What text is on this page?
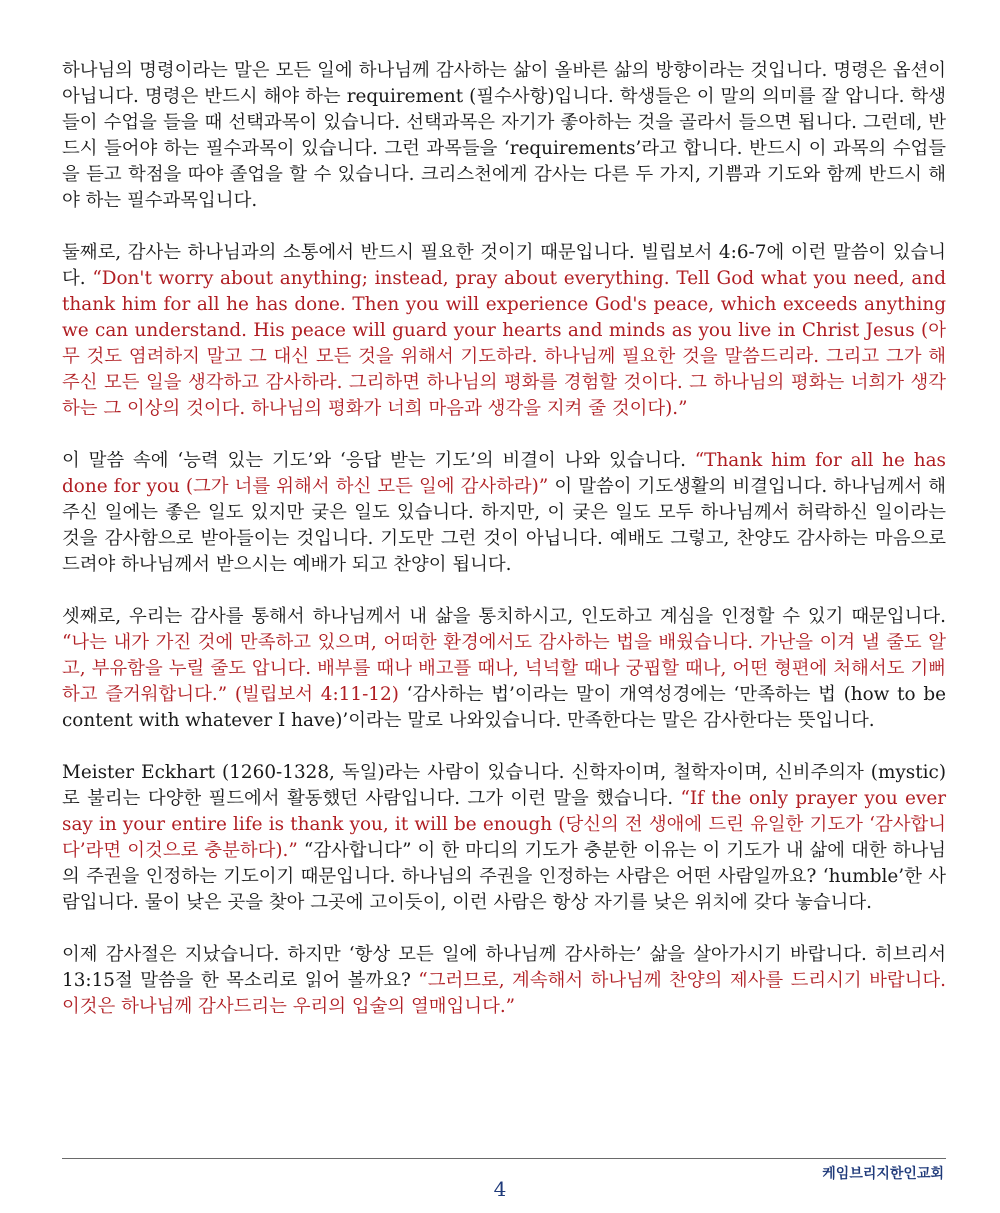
하나님의 명령이라는 말은 모든 일에 하나님께 감사하는 삶이 올바른 삶의 방향이라는 것입니다. 명령은 옵션이 아닙니다. 명령은 반드시 해야 하는 requirement (필수사항)입니다. 학생들은 이 말의 의미를 잘 압니다. 학생들이 수업을 들을 때 선택과목이 있습니다. 선택과목은 자기가 좋아하는 것을 골라서 들으면 됩니다. 그런데, 반드시 들어야 하는 필수과목이 있습니다. 그런 과목들을 ‘requirements’라고 합니다. 반드시 이 과목의 수업들을 듣고 학점을 따야 졸업을 할 수 있습니다. 크리스천에게 감사는 다른 두 가지, 기쁨과 기도와 함께 반드시 해야 하는 필수과목입니다.

둘째로, 감사는 하나님과의 소통에서 반드시 필요한 것이기 때문입니다. 빌립보서 4:6-7에 이런 말씀이 있습니다. “Don't worry about anything; instead, pray about everything. Tell God what you need, and thank him for all he has done. Then you will experience God's peace, which exceeds anything we can understand. His peace will guard your hearts and minds as you live in Christ Jesus (아무 것도 염려하지 말고 그 대신 모든 것을 위해서 기도하라. 하나님께 필요한 것을 말씀드리라. 그리고 그가 해 주신 모든 일을 생각하고 감사하라. 그리하면 하나님의 평화를 경험할 것이다. 그 하나님의 평화는 너희가 생각하는 그 이상의 것이다. 하나님의 평화가 너희 마음과 생각을 지켜 줄 것이다).”

이 말씀 속에 ‘능력 있는 기도’와 ‘응답 받는 기도’의 비결이 나와 있습니다. “Thank him for all he has done for you (그가 너를 위해서 하신 모든 일에 감사하라)” 이 말씀이 기도생활의 비결입니다. 하나님께서 해 주신 일에는 좋은 일도 있지만 궂은 일도 있습니다. 하지만, 이 궂은 일도 모두 하나님께서 허락하신 일이라는 것을 감사함으로 받아들이는 것입니다. 기도만 그런 것이 아닙니다. 예배도 그렇고, 찬양도 감사하는 마음으로 드려야 하나님께서 받으시는 예배가 되고 찬양이 됩니다.

셋째로, 우리는 감사를 통해서 하나님께서 내 삶을 통치하시고, 인도하고 계심을 인정할 수 있기 때문입니다. “나는 내가 가진 것에 만족하고 있으며, 어떠한 환경에서도 감사하는 법을 배웠습니다. 가난을 이겨 낼 줄도 알고, 부유함을 누릴 줄도 압니다. 배부를 때나 배고플 때나, 넉넉할 때나 궁핍할 때나, 어떤 형편에 처해서도 기뻐하고 즐거워합니다.” (빌립보서 4:11-12) ‘감사하는 법’이라는 말이 개역성경에는 ‘만족하는 법 (how to be content with whatever I have)’이라는 말로 나와있습니다. 만족한다는 말은 감사한다는 뜻입니다.

Meister Eckhart (1260-1328, 독일)라는 사람이 있습니다. 신학자이며, 철학자이며, 신비주의자 (mystic)로 불리는 다양한 필드에서 활동했던 사람입니다. 그가 이런 말을 했습니다. “If the only prayer you ever say in your entire life is thank you, it will be enough (당신의 전 생애에 드린 유일한 기도가 ‘감사합니다’라면 이것으로 충분하다).” “감사합니다” 이 한 마디의 기도가 충분한 이유는 이 기도가 내 삶에 대한 하나님의 주권을 인정하는 기도이기 때문입니다. 하나님의 주권을 인정하는 사람은 어떤 사람일까요? ‘humble’한 사람입니다. 물이 낮은 곳을 찾아 그곳에 고이듯이, 이런 사람은 항상 자기를 낮은 위치에 갖다 놓습니다.

이제 감사절은 지났습니다. 하지만 ‘항상 모든 일에 하나님께 감사하는’ 삶을 살아가시기 바랍니다. 히브리서 13:15절 말씀을 한 목소리로 읽어 볼까요? “그러므로, 계속해서 하나님께 찬양의 제사를 드리시기 바랍니다. 이것은 하나님께 감사드리는 우리의 입술의 열매입니다.”

케임브리지한인교회
4
